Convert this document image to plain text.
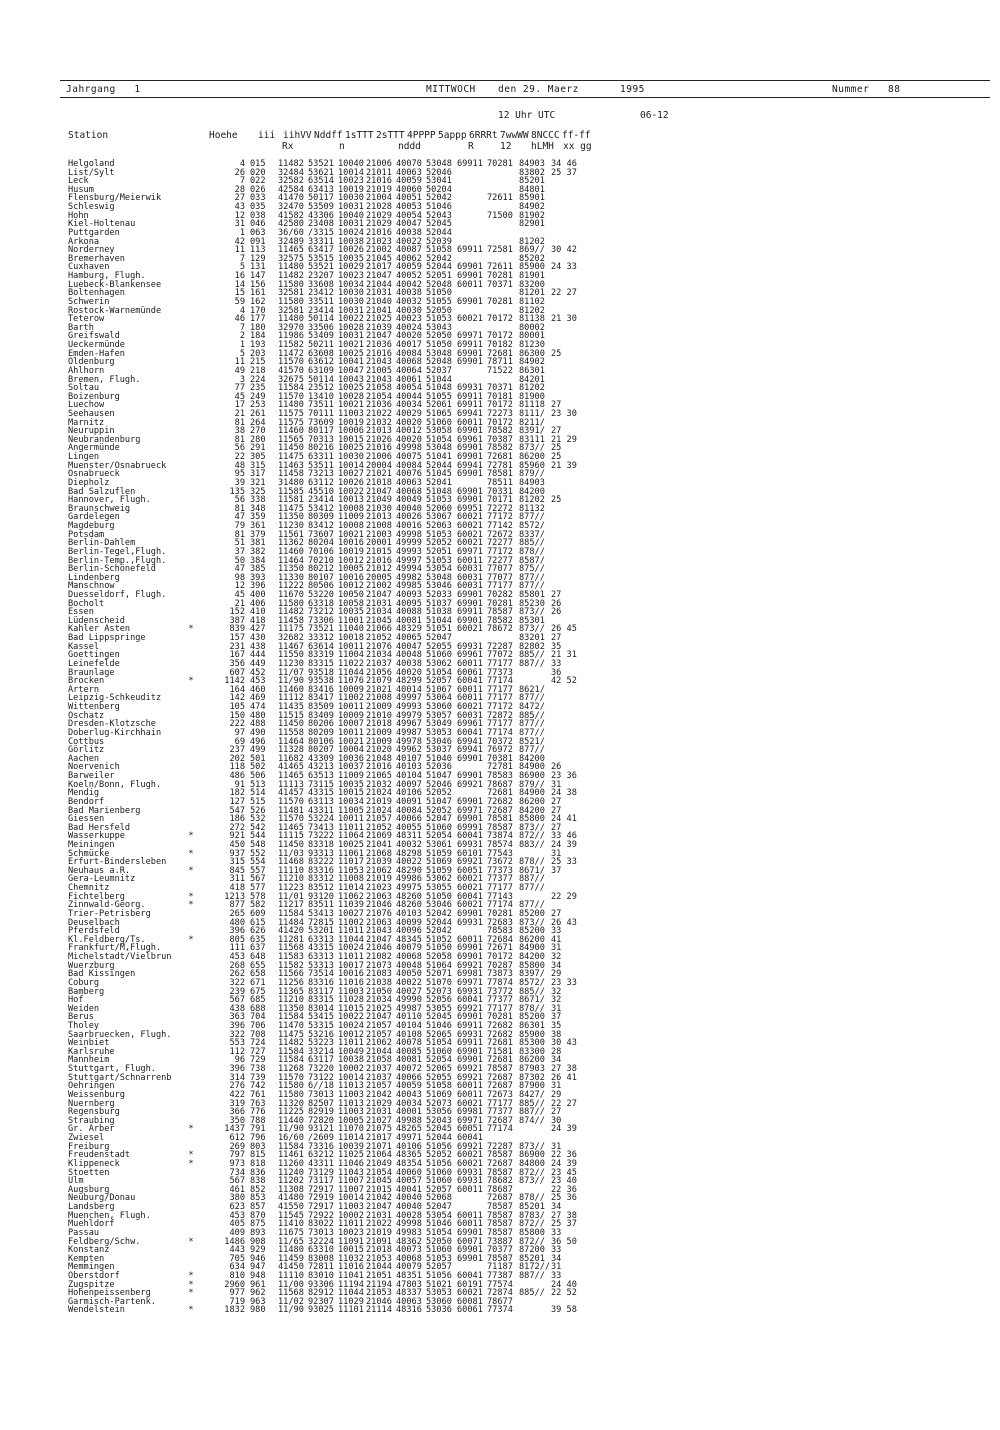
Jahrgang   1	MITTWOCH den 29. Maerz	1995	Nummer   88
12 Uhr UTC	06-12
Station	Hoehe iii iihVV Nddff 1sTTT 2sTTT 4PPPP 5appp 6RRRt 7wwWW 8NCCC ff-ff
Rx	n	nddd	R	12 hLMH xx gg
Helgoland	4 015 11482 53521 10040 21006 40070 53048 69911 70281 84903 34 46
List/Sylt	26 020 32484 53621 10014 21011 40063 52046	83802 25 37
Leck	7 022 32582 63514 10023 21016 40059 53041	85201
Husum	28 026 42584 63413 10019 21019 40060 50204	84801
Flensburg/Meierwik	27 033 41470 50117 10030 21004 40051 52042	72611 85901
Schleswig	43 035 32470 53509 10031 21028 40053 51046	84902
Hohn	12 038 41582 43306 10040 21029 40054 52043	71500 81902
Kiel-Holtenau	31 046 42580 23408 10031 21029 40047 52045	82901
Puttgarden	1 063 36/60 /3315 10024 21016 40038 52044
Arkona	42 091 32489 33311 10038 21023 40022 52039	81202
Norderney	11 113 11465 63417 10026 21002 40087 51058 69911 72581 869// 30 42
Bremerhaven	7 129 32575 53515 10035 21045 40062 52042	85202
Cuxhaven	5 131 11480 53521 10029 21017 40059 52044 69901 72611 85900 24 33
Hamburg, Flugh.	16 147 11482 23207 10023 21047 40052 52051 69901 70281 81901
Luebeck-Blankensee	14 156 11580 33608 10034 21044 40042 52048 60011 70371 83200
Boltenhagen	15 161 32581 23412 10030 21031 40038 51050	81201 22 27
Schwerin	59 162 11580 33511 10030 21040 40032 51055 69901 70281 81102
Rostock-Warnemünde	4 170 32581 23414 10031 21041 40030 52050	81202
Teterow	46 177 11480 50114 10022 21025 40023 51053 60021 70172 81138 21 30
Barth	7 180 32970 33506 10028 21039 40024 53043	80002
Greifswald	2 184 11986 53409 10031 21047 40020 52050 69971 70172 80001
Ueckermünde	1 193 11582 50211 10021 21036 40017 51050 69911 70182 81230
Emden-Hafen	5 203 11472 63608 10025 21016 40084 53048 69901 72681 86300 25
Oldenburg	11 215 11570 63612 10041 21043 40068 52048 69901 78711 84902
Ahlhorn	49 218 41570 63109 10047 21005 40064 52037	71522 86301
Bremen, Flugh.	3 224 32675 50114 10043 21043 40061 51044	84201
Soltau	77 235 11584 23512 10025 21058 40054 51048 69931 70371 81202
Boizenburg	45 249 11570 13410 10028 21054 40044 51055 69911 70181 81900
Luechow	17 253 11480 73511 10021 21036 40034 52061 69911 70172 81118 27
Seehausen	21 261 11575 70111 11003 21022 40029 51065 69941 72273 8111/ 23 30
Marnitz	81 264 11575 73609 10019 21032 40020 51060 60011 70172 8211/
Neuruppin	38 270 11460 80117 10006 21013 40012 53058 69901 78582 8391/ 27
Neubrandenburg	81 280 11565 70313 10015 21026 40020 51054 69961 70387 83111 21 29
Angermünde	56 291 11450 80216 10025 21016 49998 53048 69901 78582 873// 25
Lingen	22 305 11475 63311 10030 21006 40075 51041 69901 72681 86200 25
Muenster/Osnabrueck	48 315 11463 53511 10014 20004 40084 52044 69941 72781 85960 21 39
Osnabrueck	95 317 11458 73213 10027 21021 40076 51045 69901 78581 879//
Diepholz	39 321 31480 63112 10026 21018 40063 52041	78511 84903
Bad Salzuflen	135 325 11585 45510 10022 21047 40068 51048 69901 70331 84200
Hannover, Flugh.	56 338 11581 23414 10013 21049 40049 51053 69901 70171 81202 25
Braunschweig	81 348 11475 53412 10008 21030 40040 52060 69951 72272 81132
Gardelegen	47 359 11350 80309 11009 21013 40026 53067 60021 77172 877//
Magdeburg	79 361 11230 83412 10008 21008 40016 52063 60021 77142 8572/
Potsdam	81 379 11561 73607 10021 21003 49998 51053 60021 72672 8337/
Berlin-Dahlem	51 381 11362 80204 10016 20001 49999 52052 60021 72277 885//
Berlin-Tegel,Flugh.	37 382 11460 70106 10019 21015 49993 52051 69971 77172 878//
Berlin-Temp.,Flugh.	50 384 11464 70210 10012 21016 49997 51053 60011 72277 8587/
Berlin-Schönefeld	47 385 11350 80212 10005 21012 49994 53054 60031 77077 875//
Lindenberg	98 393 11330 80107 10016 20005 49982 53048 60031 77077 877//
Manschnow	12 396 11222 80506 10012 21002 49985 53046 60031 77177 877//
Duesseldorf, Flugh.	45 400 11670 53220 10050 21047 40093 52033 69901 70282 85801 27
Bocholt	21 406 11580 63318 10058 21031 40095 51037 69901 70281 85230 26
Essen	152 410 11482 73212 10035 21034 40088 51038 69911 78587 873// 26
Lüdenscheid	387 418 11458 73306 11001 21045 40081 51044 69901 78582 85301
Kahler Asten	*	839 427 11175 73521 11040 21066 48329 51051 60021 78672 873// 26 45
Bad Lippspringe	157 430 32682 33312 10018 21052 40065 52047	83201 27
Kassel	231 438 11467 63614 10011 21076 40047 52055 69931 72287 82802 35
Goettingen	167 444 11550 83319 11004 21034 40048 51060 69961 77072 885// 21 31
Leinefelde	356 449 11230 83315 11022 21037 40038 53062 60011 77177 887// 33
Braunlage	607 452 11/07 93518 11044 21056 40020 51054 60061 77373	36
Brocken	*	1142 453 11/90 93538 11076 21079 48299 52057 60041 77174	42 52
Artern	164 460 11460 83416 10009 21021 40014 51067 60011 77177 8621/
Leipzig-Schkeuditz	142 469 11112 83417 11002 21008 49997 53064 60011 77177 877//
Wittenberg	105 474 11435 83509 10011 21009 49993 53060 60021 77172 8472/
Oschatz	150 480 11515 83409 10009 21010 49979 53057 60031 72872 885//
Dresden-Klotzsche	222 488 11450 80206 10007 21018 49967 53049 69961 77177 877//
Doberlug-Kirchhain	97 490 11558 80209 10011 21009 49987 53053 60041 77174 877//
Cottbus	69 496 11464 80106 10021 21009 49978 53046 69941 70372 8521/
Görlitz	237 499 11328 80207 10004 21020 49962 53037 69941 76972 877//
Aachen	202 501 11682 43309 10036 21048 40107 51040 69901 70381 84200
Noervenich	118 502 41465 43213 10037 21016 40103 52036	72781 84900 26
Barweiler	486 506 11465 63513 11009 21065 40104 51047 69901 78583 86900 23 36
Koeln/Bonn, Flugh.	91 513 11113 73115 10035 21032 40097 52046 69921 78687 879// 31
Mendig	182 514 41457 43315 10015 21024 40106 52052	72681 84900 24 38
Bendorf	127 515 11570 63113 10034 21019 40091 51047 69901 72682 86200 27
Bad Marienberg	547 526 11481 43311 11005 21024 40084 52052 69971 72687 84200 27
Giessen	186 532 11570 53224 10011 21057 40066 52047 69901 78581 85800 24 41
Bad Hersfeld	272 542 11465 73413 11011 21052 40055 51060 69991 78587 873// 27
Wasserkuppe	*	921 544 11115 73222 11064 21069 48311 52054 60041 73874 872// 33 46
Meiningen	450 548 11450 83318 10025 21041 40032 53061 69931 78574 883// 24 39
Schmücke	*	937 552 11/03 93313 11061 21068 48298 51059 60101 77543	31
Erfurt-Bindersleben	315 554 11468 83222 11017 21039 40022 51069 69921 73672 878// 25 33
Neuhaus a.R.	*	845 557 11110 83316 11053 21062 48290 51059 60051 77373 8671/ 37
Gera-Leumnitz	311 567 11210 83312 11008 21019 49986 53062 60021 77377 887//
Chemnitz	418 577 11223 83512 11014 21023 49975 53055 60021 77177 877//
Fichtelberg	*	1213 578 11/01 93120 11062 21063 48260 51050 60041 77143	22 29
Zinnwald-Georg.	*	877 582 11217 83511 11039 21046 48260 53046 60021 77174 877//
Trier-Petrisberg	265 609 11584 53413 10027 21076 40103 52042 69901 70281 85200 27
Deuselbach	480 615 11484 72815 11002 21063 40099 52044 69931 72683 873// 26 43
Pferdsfeld	396 626 41420 53201 11011 21043 40096 52042	78583 85200 33
Kl.Feldberg/Ts.	*	805 635 11281 63313 11044 21047 48345 51052 60011 72684 86200 41
Frankfurt/M,Flugh.	111 637 11568 43315 10024 21046 40079 51050 69901 72671 84900 31
Michelstadt/Vielbrun	453 648 11583 63313 11011 21082 40068 52058 69901 70172 84200 32
Wuerzburg	268 655 11582 53313 10017 21073 40048 51064 69921 70287 85800 34
Bad Kissingen	262 658 11566 73514 10016 21083 40050 52071 69981 73873 8397/ 29
Coburg	322 671 11256 83316 11016 21038 40022 51070 69971 77874 8572/ 23 33
Bamberg	239 675 11365 83117 11003 21050 40027 52073 69931 73772 885// 32
Hof	567 685 11210 83315 11028 21034 49990 52056 60041 77377 8671/ 32
Weiden	438 688 11350 83014 11015 21025 49987 53055 69921 77177 878// 31
Berus	363 704 11584 53415 10022 21047 40110 52045 69901 70281 85200 37
Tholey	396 706 11470 53315 10024 21057 40104 51046 69911 72682 86301 35
Saarbruecken, Flugh.	322 708 11475 53216 10012 21057 40108 52065 69931 72682 85900 38
Weinbiet	553 724 11482 53223 11011 21062 40078 51054 69911 72681 85300 30 43
Karlsruhe	112 727 11584 33214 10049 21044 40085 51060 69901 71581 83300 28
Mannheim	96 729 11584 63117 10038 21058 40081 52054 69901 72681 86200 34
Stuttgart, Flugh.	396 738 11268 73220 10002 21037 40072 52065 69921 78587 87903 27 38
Stuttgart/Schnarrenb	314 739 11570 73122 10014 21037 40066 52055 69921 72687 87302 26 41
Oehringen	276 742 11580 6//18 11013 21057 40059 51058 60011 72687 87900 31
Weissenburg	422 761 11580 73013 11003 21042 40043 51069 60011 72673 8427/ 29
Nuernberg	319 763 11320 82507 11013 21029 40034 52073 60021 77177 885// 22 27
Regensburg	366 776 11225 82919 11003 21031 40001 53056 69981 77377 887// 27
Straubing	350 788 11440 72820 10005 21027 49988 52043 69971 72687 874// 30
Gr. Arber	*	1437 791 11/90 93121 11070 21075 48265 52045 60051 77174	24 39
Zwiesel	612 796 16/60 /2609 11014 21017 49971 52044 60041
Freiburg	269 803 11584 73316 10039 21071 40106 51056 69921 72287 873// 31
Freudenstadt	*	797 815 11461 63212 11025 21064 48365 52052 60021 78587 86900 22 36
Klippeneck	*	973 818 11260 43311 11046 21049 48354 51056 60021 72687 84800 24 39
Stoetten	734 836 11240 73129 11043 21054 40060 51060 69931 78587 872// 23 45
Ulm	567 838 11202 73117 11007 21045 40057 51060 69931 78682 873// 23 40
Augsburg	461 852 11308 72917 11007 21015 40041 52057 60011 78687	22 36
Neuburg/Donau	380 853 41480 72919 10014 21042 40040 52068	72687 878// 25 36
Landsberg	623 857 41550 72917 11003 21047 40040 52047	78587 85201 34
Muenchen, Flugh.	453 870 11545 72922 10002 21031 40028 53054 60011 78587 8783/ 27 38
Muehldorf	405 875 11410 83022 11011 21022 49998 51046 60011 78587 872// 25 37
Passau	409 893 11675 73013 10023 21019 49983 51054 69901 78587 85800 33
Feldberg/Schw.	*	1486 908 11/65 32224 11091 21091 48362 52050 60071 73887 872// 36 50
Konstanz	443 929 11480 63310 10015 21018 40073 51060 69901 70377 87200 33
Kempten	705 946 11459 83008 11032 21053 40068 51053 69901 78587 85201 34
Memmingen	634 947 41450 72811 11016 21044 40079 52057	71187 8172// 31
Oberstdorf	*	810 948 11110 83010 11041 21051 48351 51056 60041 77387 887// 33
Zugspitze	*	2960 961 11/00 93306 11194 21194 47803 51021 60191 77574	24 40
Hohenpeissenberg	*	977 962 11568 82912 11044 21053 48337 53053 60021 72874 885// 22 52
Garmisch-Partenk.	719 963 11/02 92307 11029 21046 40063 53060 60081 78677
Wendelstein	*	1832 980 11/90 93025 11101 21114 48316 53036 60061 77374	39 58
